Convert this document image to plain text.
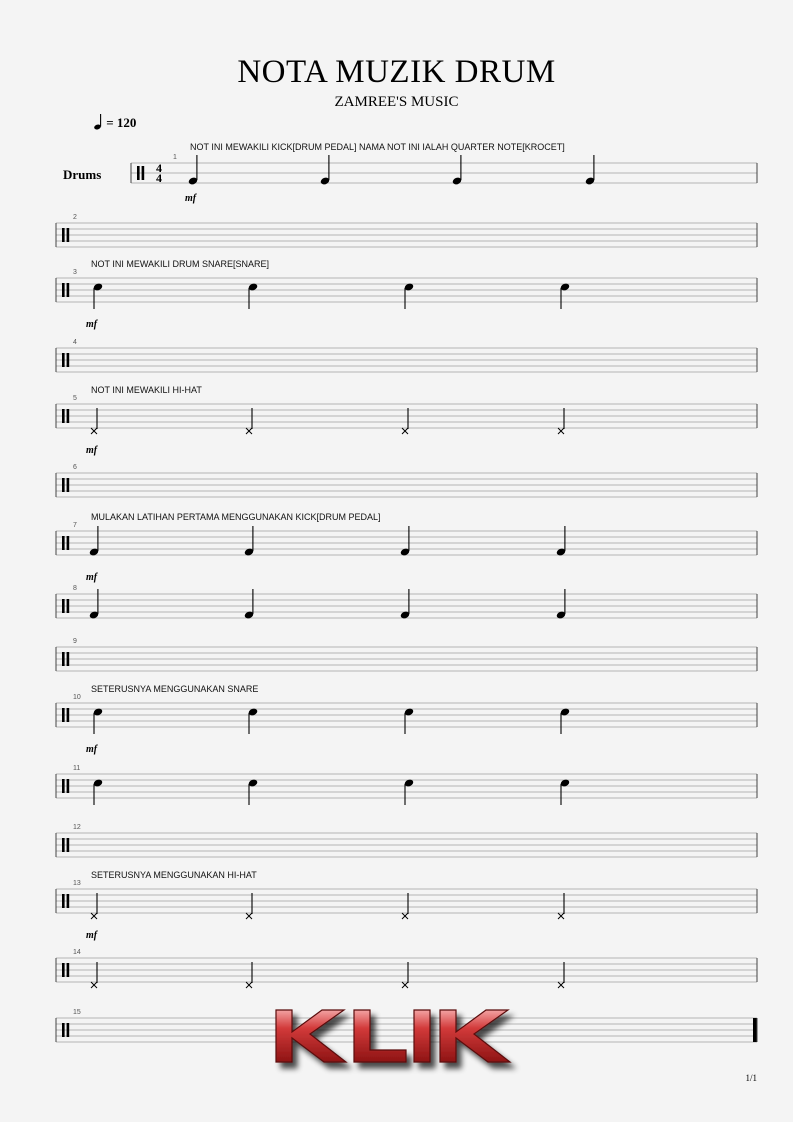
NOTA MUZIK DRUM
ZAMREE'S MUSIC
= 120
Drums	4
4
1
NOT INI MEWAKILI KICK[DRUM PEDAL] NAMA NOT INI IALAH QUARTER NOTE[KROCET]
mf
2
3
NOT INI MEWAKILI DRUM SNARE[SNARE]
mf
4
5
NOT INI MEWAKILI HI-HAT
mf
6
7
MULAKAN LATIHAN PERTAMA MENGGUNAKAN KICK[DRUM PEDAL]
mf
8
9
10
SETERUSNYA MENGGUNAKAN SNARE
mf
11
12
13
SETERUSNYA MENGGUNAKAN HI-HAT
mf
14
15
1/1
